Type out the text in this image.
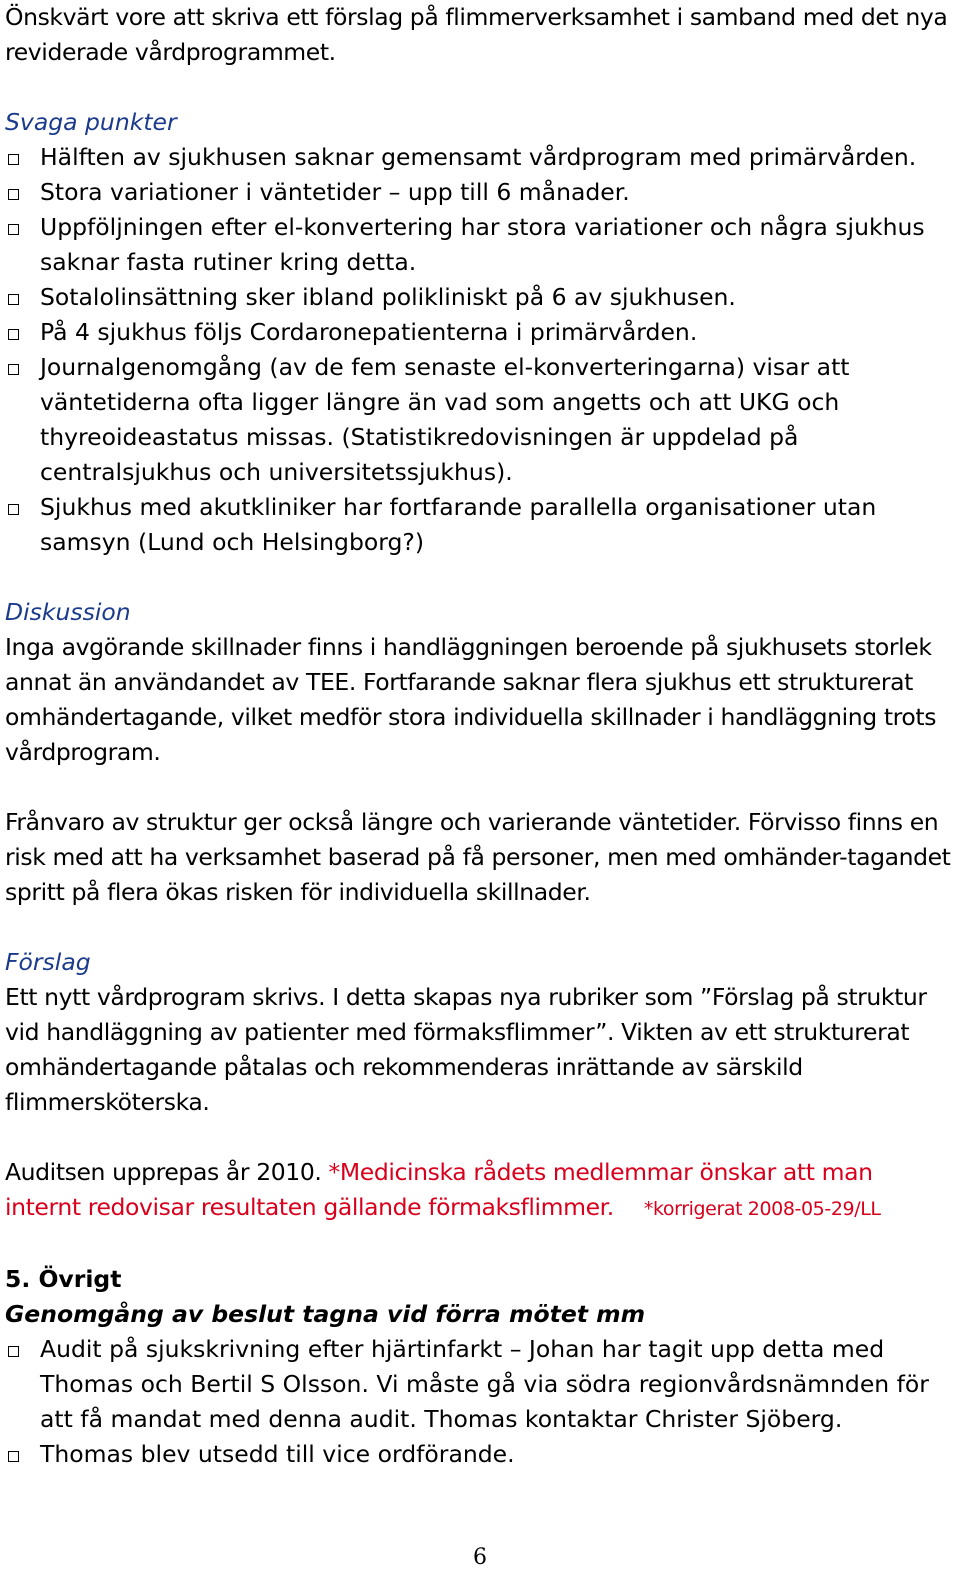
Önskvärt vore att skriva ett förslag på flimmerverksamhet i samband med det nya reviderade vårdprogrammet.

Svaga punkter

Hälften av sjukhusen saknar gemensamt vårdprogram med primärvården.
Stora variationer i väntetider – upp till 6 månader.
Uppföljningen efter el-konvertering har stora variationer och några sjukhus saknar fasta rutiner kring detta.
Sotalolinsättning sker ibland polikliniskt på 6 av sjukhusen.
På 4 sjukhus följs Cordaronepatienterna i primärvården.
Journalgenomgång (av de fem senaste el-konverteringarna) visar att väntetiderna ofta ligger längre än vad som angetts och att UKG och thyreoideastatus missas. (Statistikredovisningen är uppdelad på centralsjukhus och universitetssjukhus).
Sjukhus med akutkliniker har fortfarande parallella organisationer utan samsyn (Lund och Helsingborg?)

Diskussion

Inga avgörande skillnader finns i handläggningen beroende på sjukhusets storlek annat än användandet av TEE. Fortfarande saknar flera sjukhus ett strukturerat omhändertagande, vilket medför stora individuella skillnader i handläggning trots vårdprogram.

Frånvaro av struktur ger också längre och varierande väntetider. Förvisso finns en risk med att ha verksamhet baserad på få personer, men med omhänder-tagandet spritt på flera ökas risken för individuella skillnader.

Förslag

Ett nytt vårdprogram skrivs. I detta skapas nya rubriker som ”Förslag på struktur vid handläggning av patienter med förmaksflimmer”. Vikten av ett strukturerat omhändertagande påtalas och rekommenderas inrättande av särskild flimmersköterska.

Auditsen upprepas år 2010. *Medicinska rådets medlemmar önskar att man internt redovisar resultaten gällande förmaksflimmer. *korrigerat 2008-05-29/LL

5. Övrigt

Genomgång av beslut tagna vid förra mötet mm

Audit på sjukskrivning efter hjärtinfarkt – Johan har tagit upp detta med Thomas och Bertil S Olsson. Vi måste gå via södra regionvårdsnämnden för att få mandat med denna audit. Thomas kontaktar Christer Sjöberg.
Thomas blev utsedd till vice ordförande.
6
